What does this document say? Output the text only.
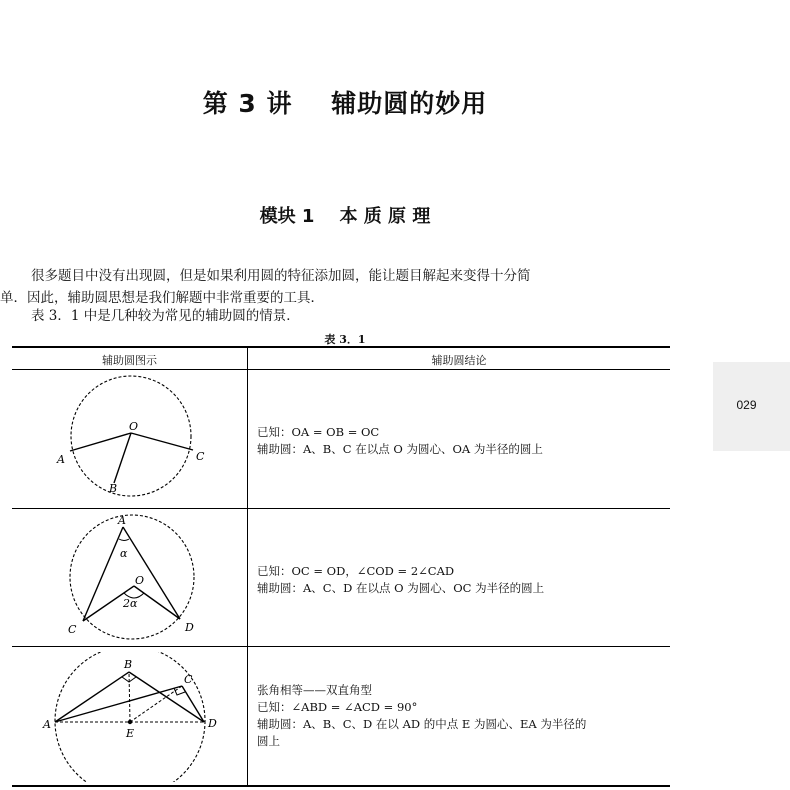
第 3 讲    辅助圆的妙用
模块 1    本 质 原 理
很多题目中没有出现圆，但是如果利用圆的特征添加圆，能让题目解起来变得十分简
单．因此，辅助圆思想是我们解题中非常重要的工具．
表 3．1 中是几种较为常见的辅助圆的情景．
表 3．1
辅助圆图示	辅助圆结论
O
A
B
C
已知：OA = OB = OC
辅助圆：A、B、C 在以点 O 为圆心、OA 为半径的圆上
A
O
C	D
α
2α
已知：OC = OD，∠COD = 2∠CAD
辅助圆：A、C、D 在以点 O 为圆心、OC 为半径的圆上
B
C
A	D
E
张角相等——双直角型
已知：∠ABD = ∠ACD = 90°
辅助圆：A、B、C、D 在以 AD 的中点 E 为圆心、EA 为半径的
圆上
029
